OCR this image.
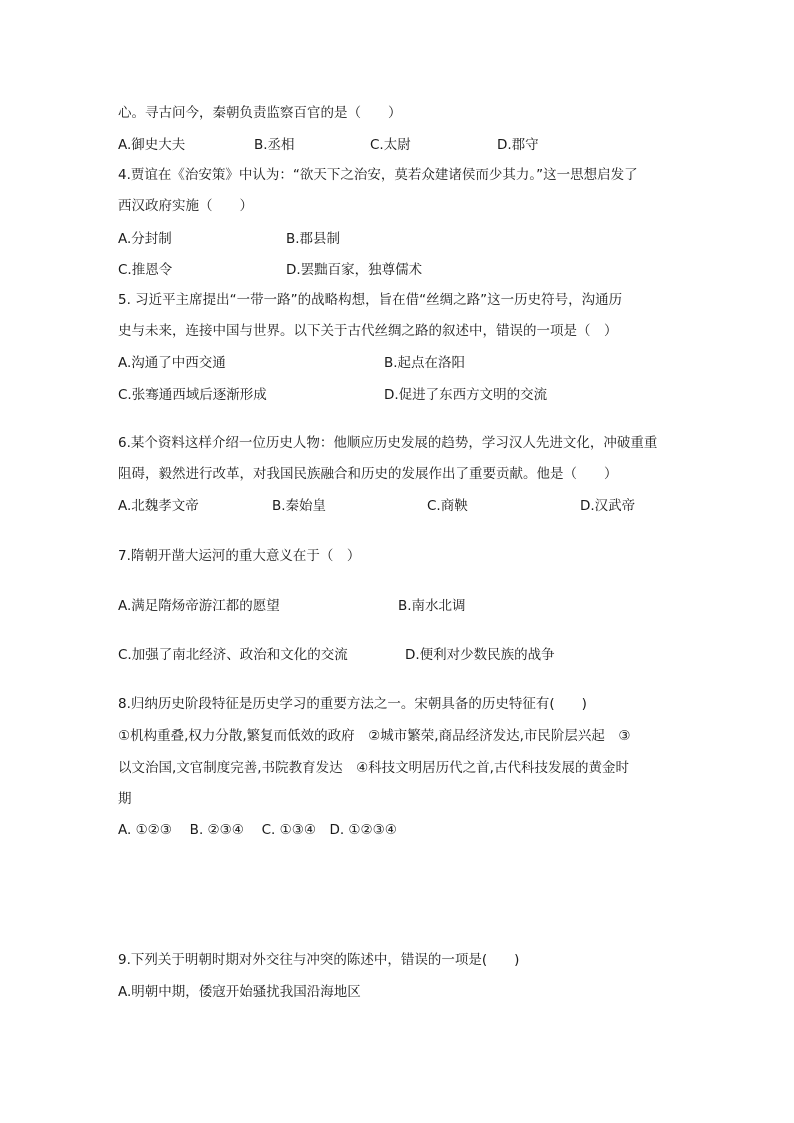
心。寻古问今，秦朝负责监察百官的是（　　）
A.御史大夫	B.丞相	C.太尉	D.郡守
4.贾谊在《治安策》中认为：“欲天下之治安，莫若众建诸侯而少其力。”这一思想启发了
西汉政府实施（　　）
A.分封制	B.郡县制
C.推恩令	D.罢黜百家，独尊儒术
5. 习近平主席提出“一带一路”的战略构想，旨在借“丝绸之路”这一历史符号，沟通历
史与未来，连接中国与世界。以下关于古代丝绸之路的叙述中，错误的一项是（　）
A.沟通了中西交通	B.起点在洛阳
C.张骞通西域后逐渐形成	D.促进了东西方文明的交流
6.某个资料这样介绍一位历史人物：他顺应历史发展的趋势，学习汉人先进文化，冲破重重
阻碍，毅然进行改革，对我国民族融合和历史的发展作出了重要贡献。他是（　　）
A.北魏孝文帝	B.秦始皇	C.商鞅	D.汉武帝
7.隋朝开凿大运河的重大意义在于（　）
A.满足隋炀帝游江都的愿望	B.南水北调
C.加强了南北经济、政治和文化的交流	D.便利对少数民族的战争
8.归纳历史阶段特征是历史学习的重要方法之一。宋朝具备的历史特征有(　　)
①机构重叠,权力分散,繁复而低效的政府　②城市繁荣,商品经济发达,市民阶层兴起　③
以文治国,文官制度完善,书院教育发达　④科技文明居历代之首,古代科技发展的黄金时
期
A. ①②③　 B. ②③④　 C. ①③④　D. ①②③④
9.下列关于明朝时期对外交往与冲突的陈述中，错误的一项是(　　)
A.明朝中期，倭寇开始骚扰我国沿海地区
